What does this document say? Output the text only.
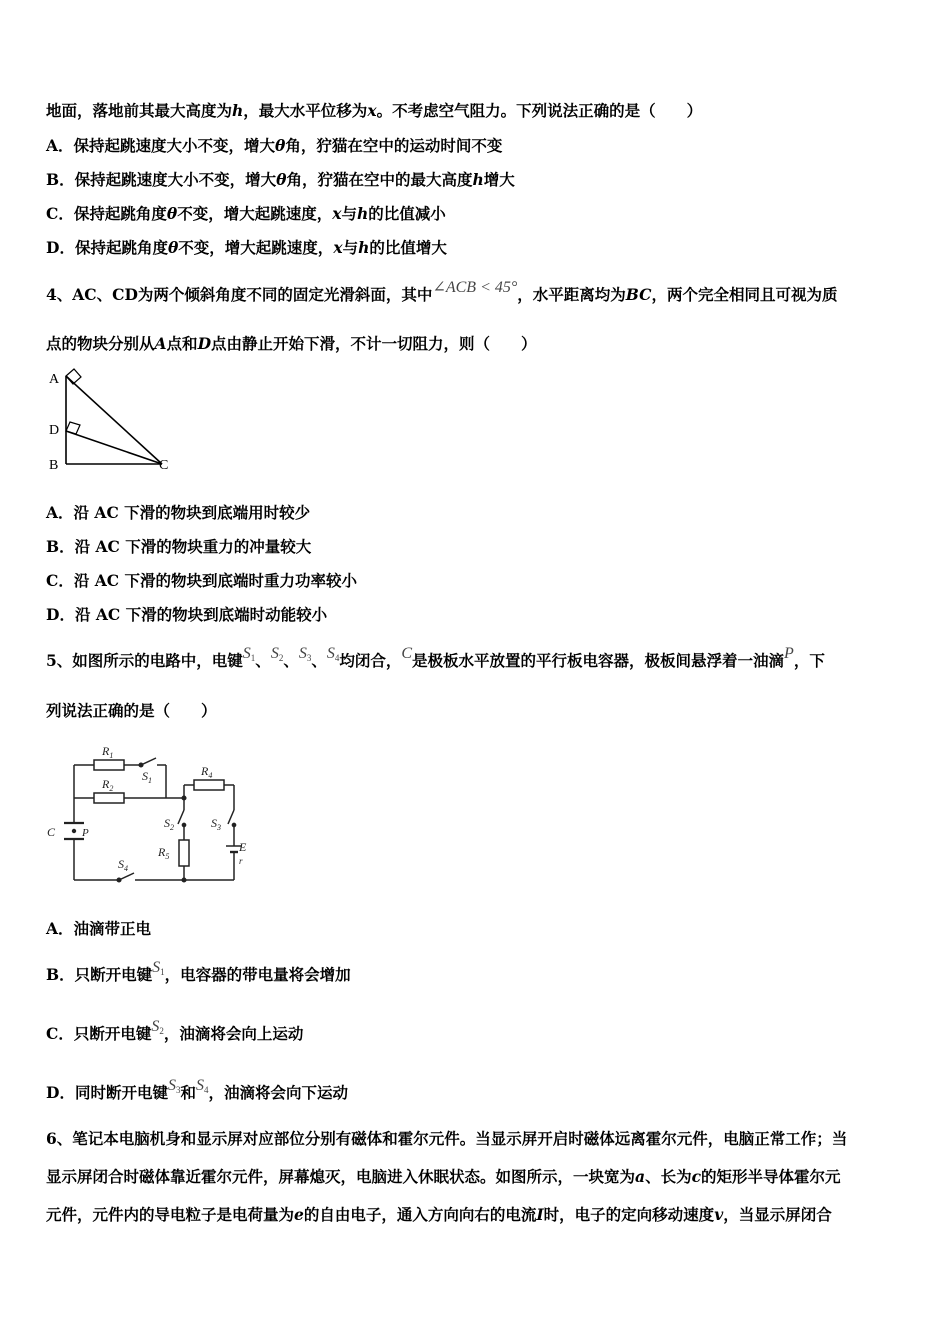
地面，落地前其最大高度为h，最大水平位移为x。不考虑空气阻力。下列说法正确的是（　　）
A．保持起跳速度大小不变，增大θ角，狞猫在空中的运动时间不变
B．保持起跳速度大小不变，增大θ角，狞猫在空中的最大高度h增大
C．保持起跳角度θ不变，增大起跳速度，x与h的比值减小
D．保持起跳角度θ不变，增大起跳速度，x与h的比值增大
4、AC、CD为两个倾斜角度不同的固定光滑斜面，其中∠ACB < 45°，水平距离均为BC，两个完全相同且可视为质
点的物块分别从A点和D点由静止开始下滑，不计一切阻力，则（　　）
A
D
B	C
A．沿 AC 下滑的物块到底端用时较少
B．沿 AC 下滑的物块重力的冲量较大
C．沿 AC 下滑的物块到底端时重力功率较小
D．沿 AC 下滑的物块到底端时动能较小
5、如图所示的电路中，电键S1、S2、S3、S4均闭合，C是极板水平放置的平行板电容器，极板间悬浮着一油滴P，下
列说法正确的是（　　）
$R_1$
$R_2$
$S_1$
$R_4$
$S_2$	$S_3$
$R_5$
E
r
C P
$S_4$
A．油滴带正电
B．只断开电键S1，电容器的带电量将会增加
C．只断开电键S2，油滴将会向上运动
D．同时断开电键S3和S4，油滴将会向下运动
6、笔记本电脑机身和显示屏对应部位分别有磁体和霍尔元件。当显示屏开启时磁体远离霍尔元件，电脑正常工作；当
显示屏闭合时磁体靠近霍尔元件，屏幕熄灭，电脑进入休眠状态。如图所示，一块宽为a、长为c的矩形半导体霍尔元
元件，元件内的导电粒子是电荷量为e的自由电子，通入方向向右的电流I时，电子的定向移动速度v，当显示屏闭合
